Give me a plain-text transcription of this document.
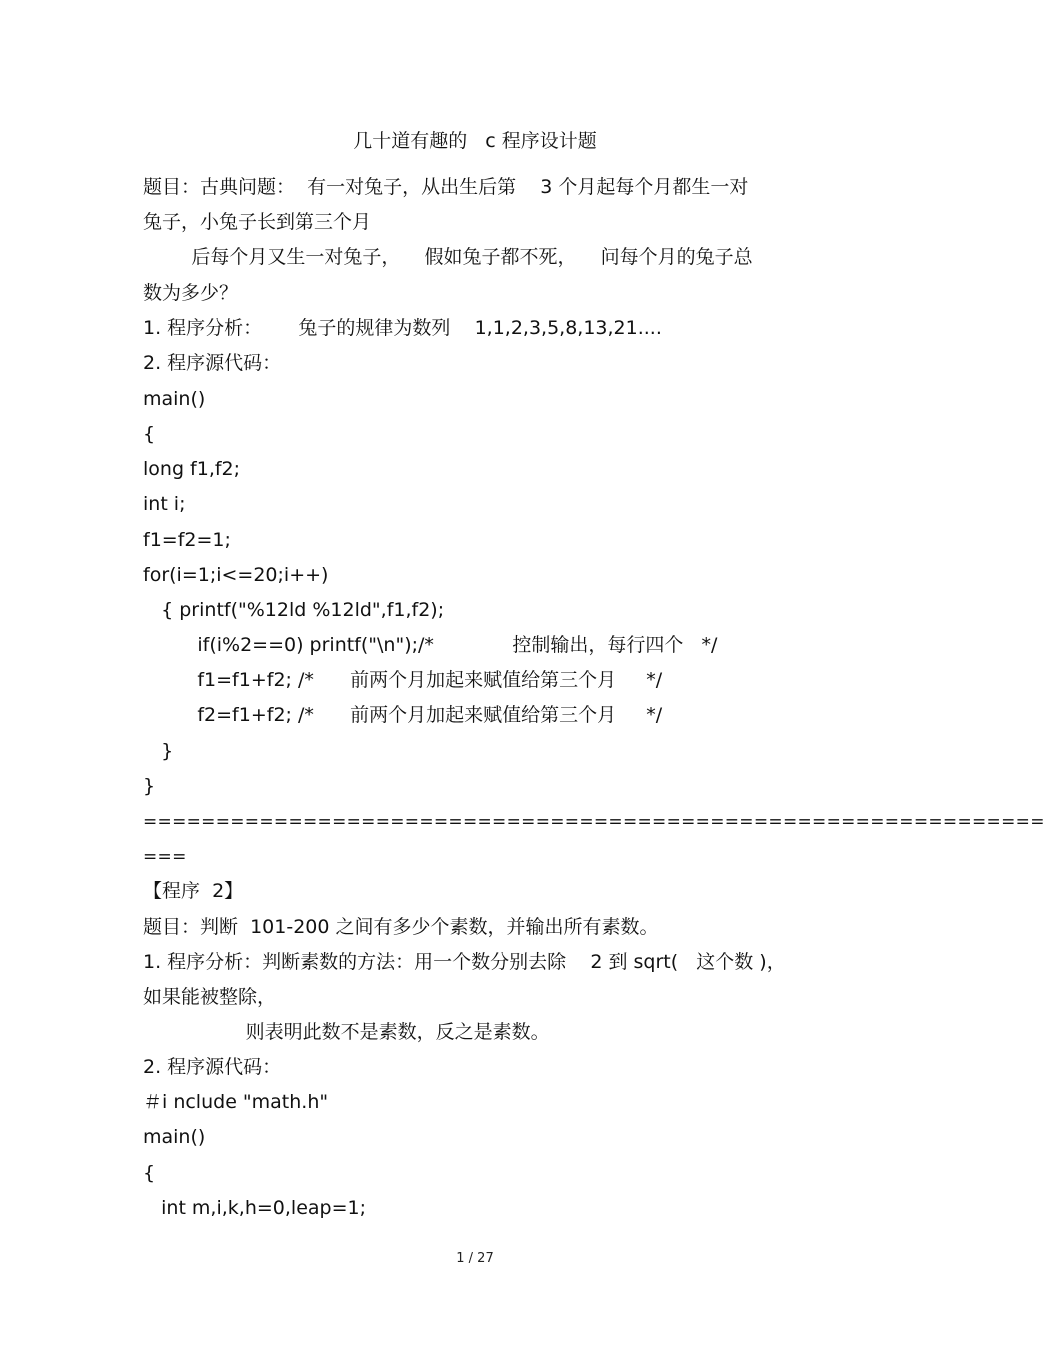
几十道有趣的   c 程序设计题
题目：古典问题：  有一对兔子，从出生后第    3 个月起每个月都生一对
兔子，小兔子长到第三个月
后每个月又生一对兔子，    假如兔子都不死，    问每个月的兔子总
数为多少？
1. 程序分析：      兔子的规律为数列    1,1,2,3,5,8,13,21....
2. 程序源代码：
main()
{
long f1,f2;
int i;
f1=f2=1;
for(i=1;i<=20;i++)
{ printf("%12ld %12ld",f1,f2);
if(i%2==0) printf("\n");/*             控制输出，每行四个   */
f1=f1+f2; /*      前两个月加起来赋值给第三个月     */
f2=f1+f2; /*      前两个月加起来赋值给第三个月     */
}
}
==============================================================
===
【程序  2】
题目：判断  101-200 之间有多少个素数，并输出所有素数。
1. 程序分析：判断素数的方法：用一个数分别去除    2 到 sqrt(   这个数 )，
如果能被整除，
则表明此数不是素数，反之是素数。
2. 程序源代码：
＃i nclude "math.h"
main()
{
int m,i,k,h=0,leap=1;
1 / 27
